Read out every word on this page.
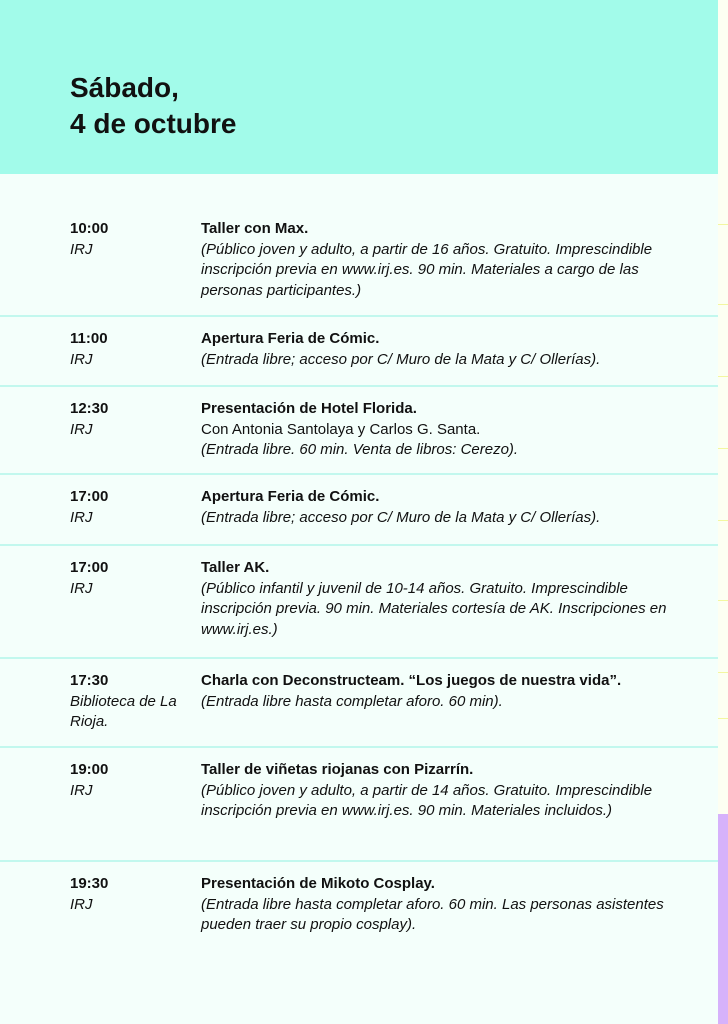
Sábado,
4 de octubre
10:00
IRJ
Taller con Max.
(Público joven y adulto, a partir de 16 años. Gratuito. Imprescindible inscripción previa en www.irj.es. 90 min. Materiales a cargo de las personas participantes.)
11:00
IRJ
Apertura Feria de Cómic.
(Entrada libre; acceso por C/ Muro de la Mata y C/ Ollerías).
12:30
IRJ
Presentación de Hotel Florida.
Con Antonia Santolaya y Carlos G. Santa.
(Entrada libre. 60 min. Venta de libros: Cerezo).
17:00
IRJ
Apertura Feria de Cómic.
(Entrada libre; acceso por C/ Muro de la Mata y C/ Ollerías).
17:00
IRJ
Taller AK.
(Público infantil y juvenil de 10-14 años. Gratuito. Imprescindible inscripción previa. 90 min. Materiales cortesía de AK. Inscripciones en www.irj.es.)
17:30
Biblioteca de La Rioja.
Charla con Deconstructeam. “Los juegos de nuestra vida”.
(Entrada libre hasta completar aforo. 60 min).
19:00
IRJ
Taller de viñetas riojanas con Pizarrín.
(Público joven y adulto, a partir de 14 años. Gratuito. Imprescindible inscripción previa en www.irj.es. 90 min. Materiales incluidos.)
19:30
IRJ
Presentación de Mikoto Cosplay.
(Entrada libre hasta completar aforo. 60 min. Las personas asistentes pueden traer su propio cosplay).
